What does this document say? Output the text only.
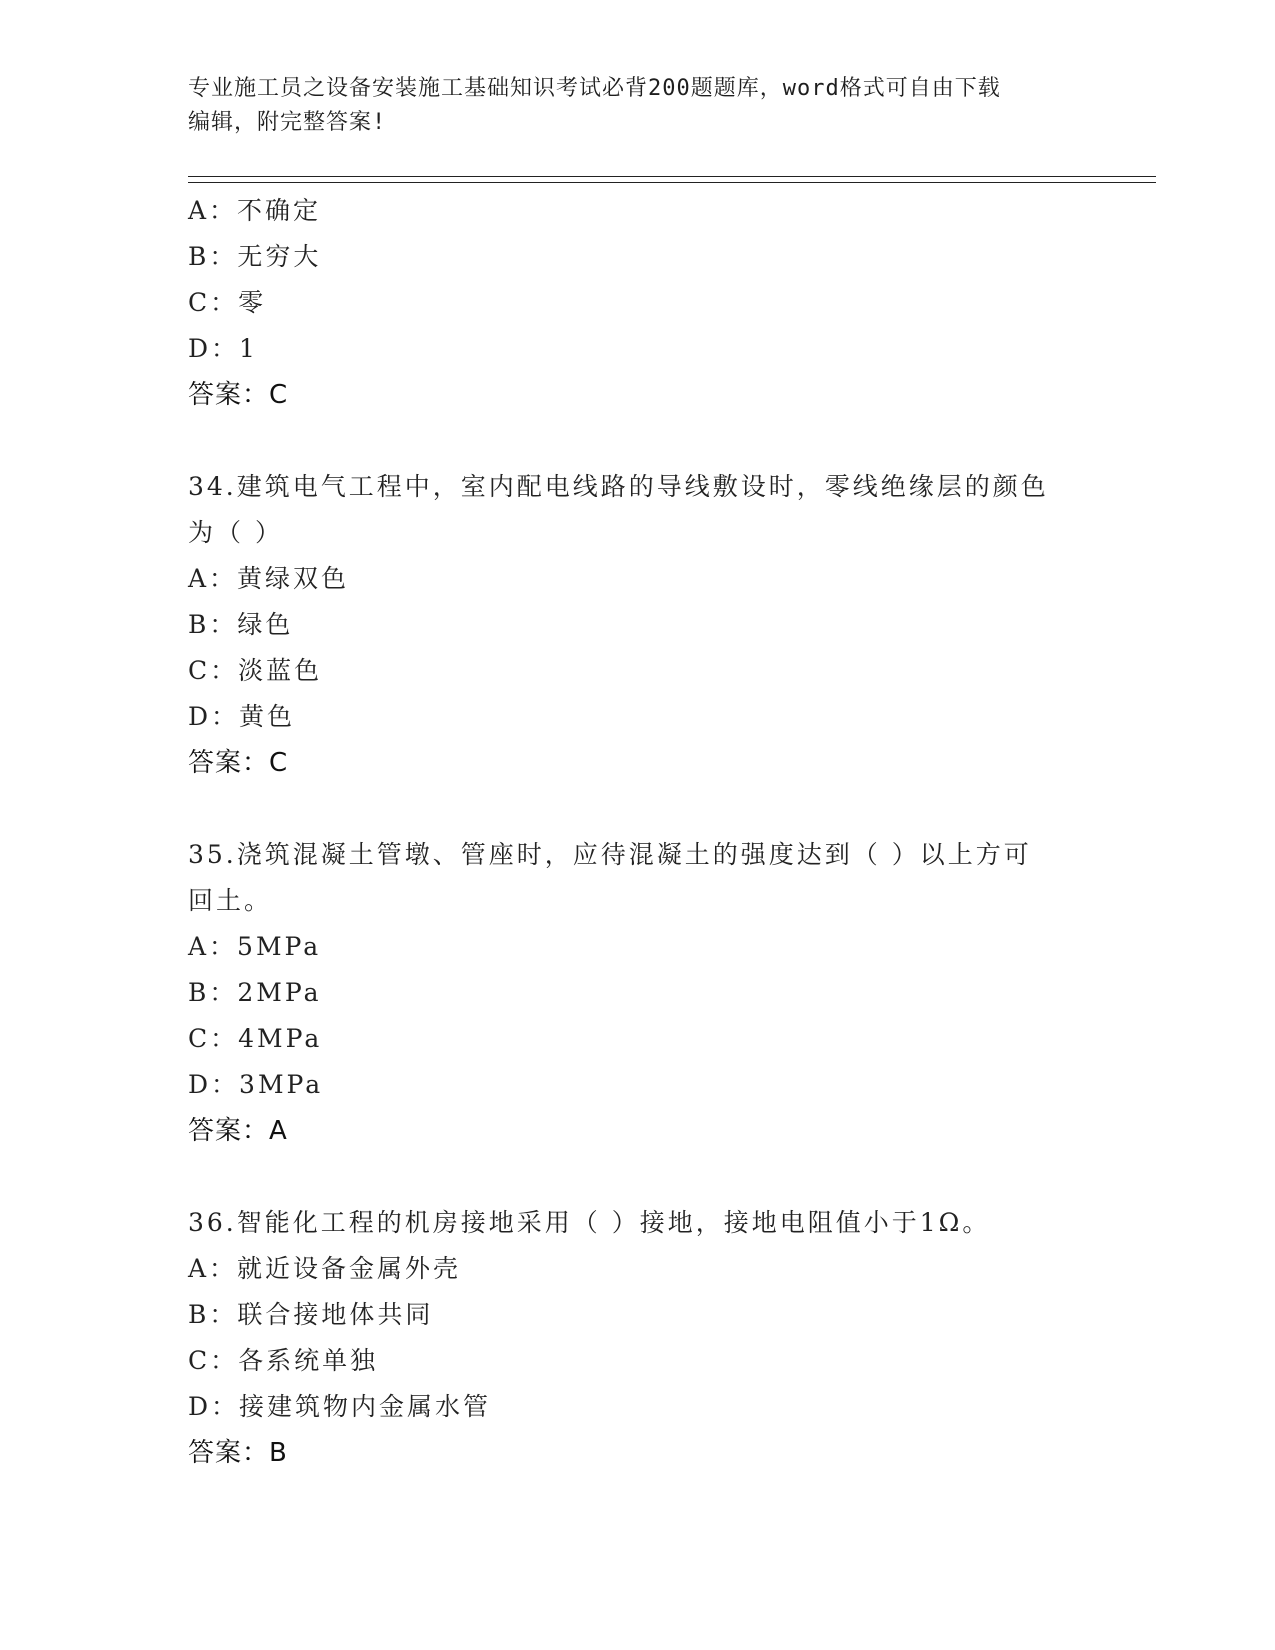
专业施工员之设备安装施工基础知识考试必背200题题库，word格式可自由下载
编辑，附完整答案!
A：不确定
B：无穷大
C：零
D：1
答案：C
34.建筑电气工程中，室内配电线路的导线敷设时，零线绝缘层的颜色
为（ ）
A：黄绿双色
B：绿色
C：淡蓝色
D：黄色
答案：C
35.浇筑混凝土管墩、管座时，应待混凝土的强度达到（ ）以上方可
回土。
A：5MPa
B：2MPa
C：4MPa
D：3MPa
答案：A
36.智能化工程的机房接地采用（ ）接地，接地电阻值小于1Ω。
A：就近设备金属外壳
B：联合接地体共同
C：各系统单独
D：接建筑物内金属水管
答案：B
